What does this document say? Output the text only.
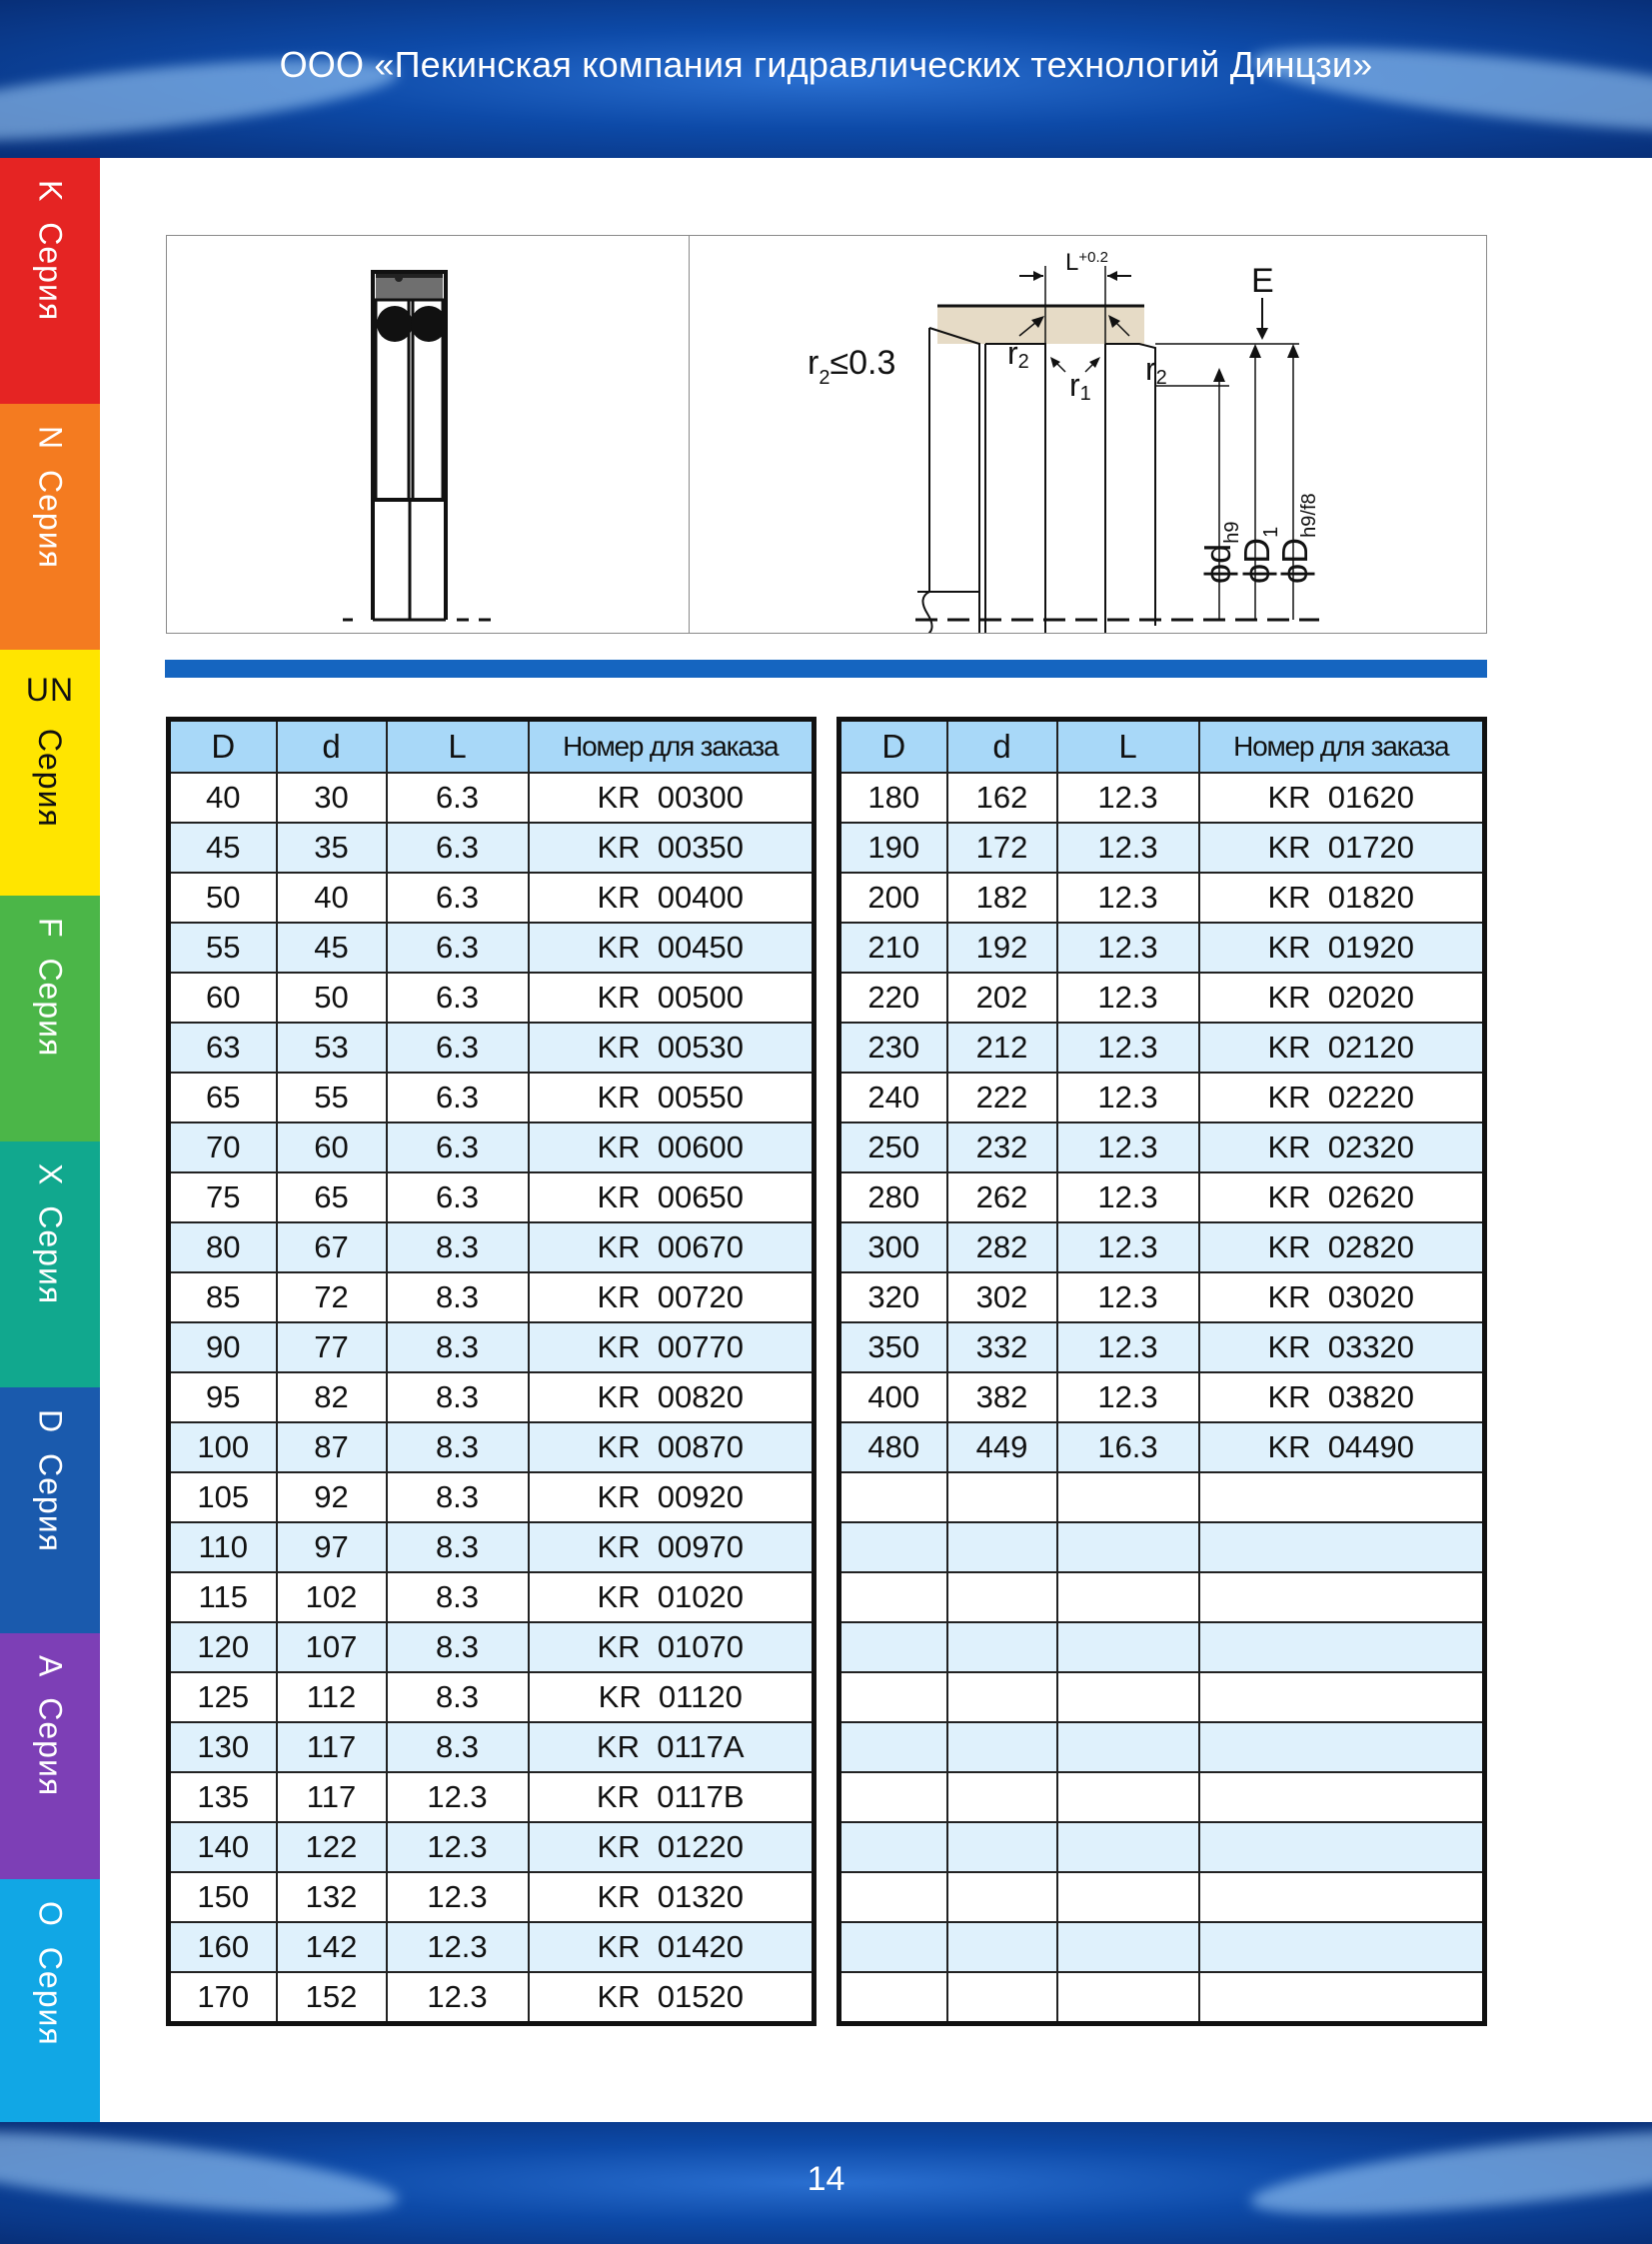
ООО «Пекинская компания гидравлических технологий Динцзи»
K Серия
N Серия
UN Серия
F Серия
X Серия
D Серия
A Серия
O Серия
$L^{+0.2}$
E
$r_2\le 0.3$	r2
r1
r2
$\phi d_{h9}$
$\phi D_1$
$\phi D_{h9/f8}$
D	d	L	Номер для заказа
40	30	6.3	KR  00300
45	35	6.3	KR  00350
50	40	6.3	KR  00400
55	45	6.3	KR  00450
60	50	6.3	KR  00500
63	53	6.3	KR  00530
65	55	6.3	KR  00550
70	60	6.3	KR  00600
75	65	6.3	KR  00650
80	67	8.3	KR  00670
85	72	8.3	KR  00720
90	77	8.3	KR  00770
95	82	8.3	KR  00820
100	87	8.3	KR  00870
105	92	8.3	KR  00920
110	97	8.3	KR  00970
115	102	8.3	KR  01020
120	107	8.3	KR  01070
125	112	8.3	KR  01120
130	117	8.3	KR  0117A
135	117	12.3	KR  0117B
140	122	12.3	KR  01220
150	132	12.3	KR  01320
160	142	12.3	KR  01420
170	152	12.3	KR  01520
D	d	L	Номер для заказа
180	162	12.3	KR  01620
190	172	12.3	KR  01720
200	182	12.3	KR  01820
210	192	12.3	KR  01920
220	202	12.3	KR  02020
230	212	12.3	KR  02120
240	222	12.3	KR  02220
250	232	12.3	KR  02320
280	262	12.3	KR  02620
300	282	12.3	KR  02820
320	302	12.3	KR  03020
350	332	12.3	KR  03320
400	382	12.3	KR  03820
480	449	16.3	KR  04490

14
